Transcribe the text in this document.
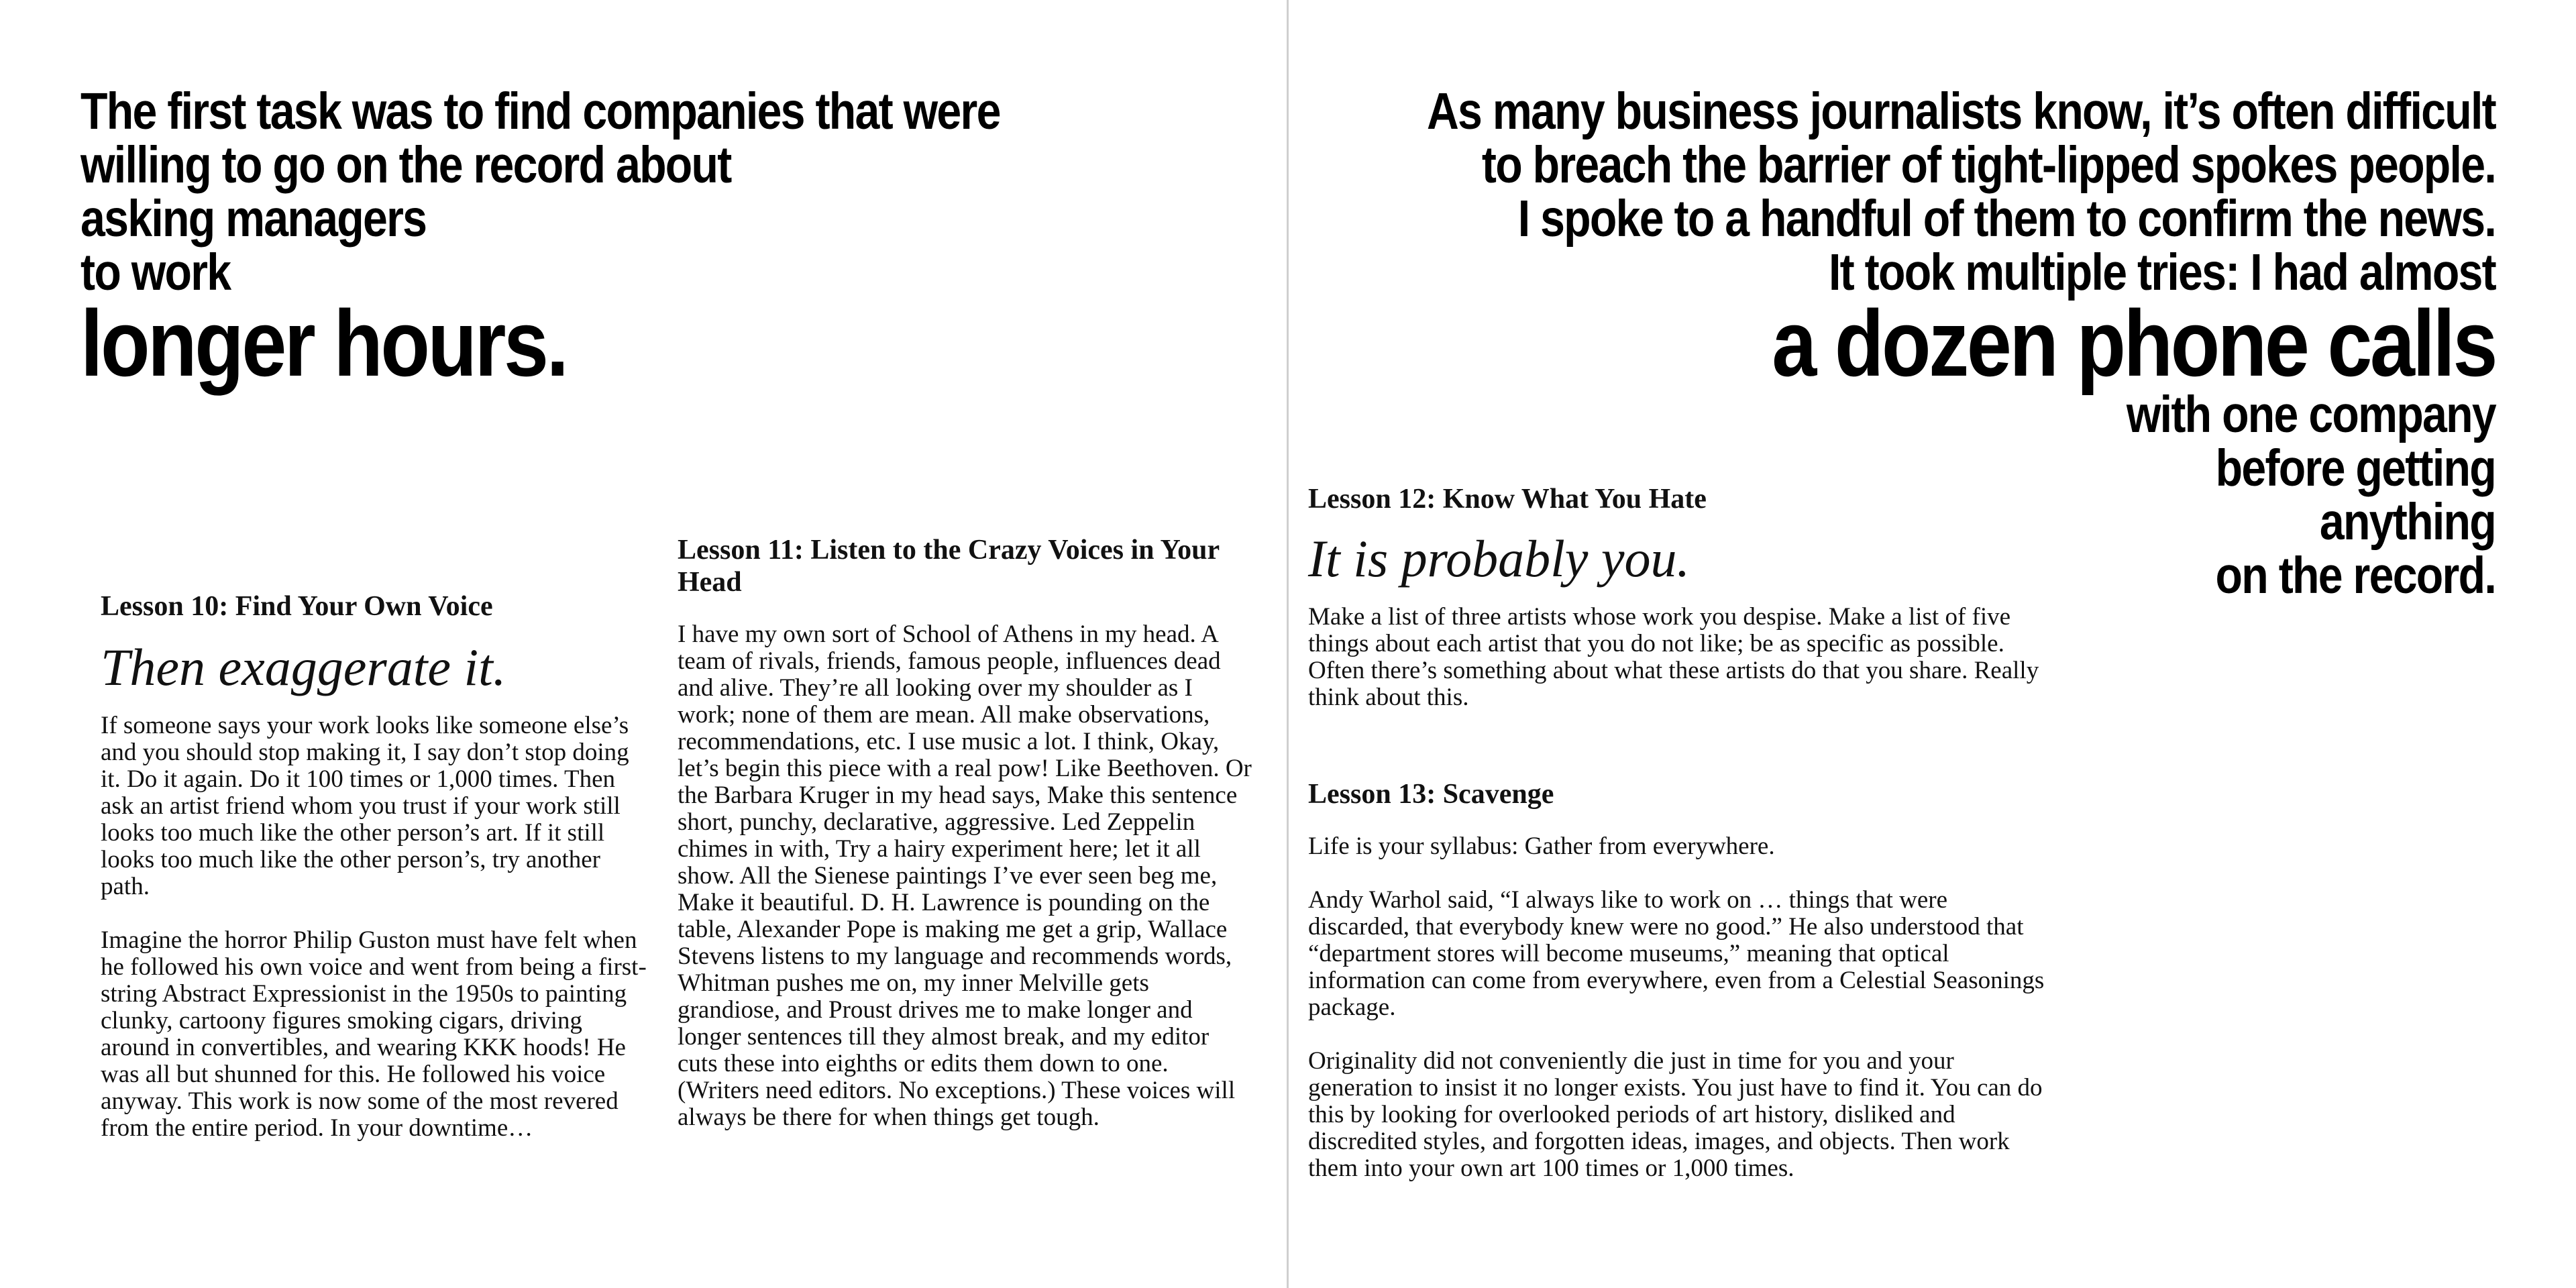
The first task was to find companies that were
willing to go on the record about
asking managers
to work
longer hours.
Lesson 10: Find Your Own Voice
Then exaggerate it.

If someone says your work looks like someone else’s and you should stop making it, I say don’t stop doing it. Do it again. Do it 100 times or 1,000 times. Then ask an artist friend whom you trust if your work still looks too much like the other person’s art. If it still looks too much like the other person’s, try another path.

Imagine the horror Philip Guston must have felt when he followed his own voice and went from being a first-string Abstract Expressionist in the 1950s to painting clunky, cartoony figures smoking cigars, driving around in convertibles, and wearing KKK hoods! He was all but shunned for this. He followed his voice anyway. This work is now some of the most revered from the entire period. In your downtime…

Lesson 11: Listen to the Crazy Voices in Your Head

I have my own sort of School of Athens in my head. A team of rivals, friends, famous people, influences dead and alive. They’re all looking over my shoulder as I work; none of them are mean. All make observations, recommendations, etc. I use music a lot. I think, Okay, let’s begin this piece with a real pow! Like Beethoven. Or the Barbara Kruger in my head says, Make this sentence short, punchy, declarative, aggressive. Led Zeppelin chimes in with, Try a hairy experiment here; let it all show. All the Sienese paintings I’ve ever seen beg me, Make it beautiful. D. H. Lawrence is pounding on the table, Alexander Pope is making me get a grip, Wallace Stevens listens to my language and recommends words, Whitman pushes me on, my inner Melville gets grandiose, and Proust drives me to make longer and longer sentences till they almost break, and my editor cuts these into eighths or edits them down to one. (Writers need editors. No exceptions.) These voices will always be there for when things get tough.

As many business journalists know, it’s often difficult
to breach the barrier of tight-lipped spokes people.
I spoke to a handful of them to confirm the news.
It took multiple tries: I had almost
a dozen phone calls
with one company
before getting
anything
on the record.
Lesson 12: Know What You Hate
It is probably you.

Make a list of three artists whose work you despise. Make a list of five things about each artist that you do not like; be as specific as possible. Often there’s something about what these artists do that you share. Really think about this.

Lesson 13: Scavenge

Life is your syllabus: Gather from everywhere.

Andy Warhol said, “I always like to work on … things that were discarded, that everybody knew were no good.” He also understood that “department stores will become museums,” meaning that optical information can come from everywhere, even from a Celestial Seasonings package.

Originality did not conveniently die just in time for you and your generation to insist it no longer exists. You just have to find it. You can do this by looking for overlooked periods of art history, disliked and discredited styles, and forgotten ideas, images, and objects. Then work them into your own art 100 times or 1,000 times.
